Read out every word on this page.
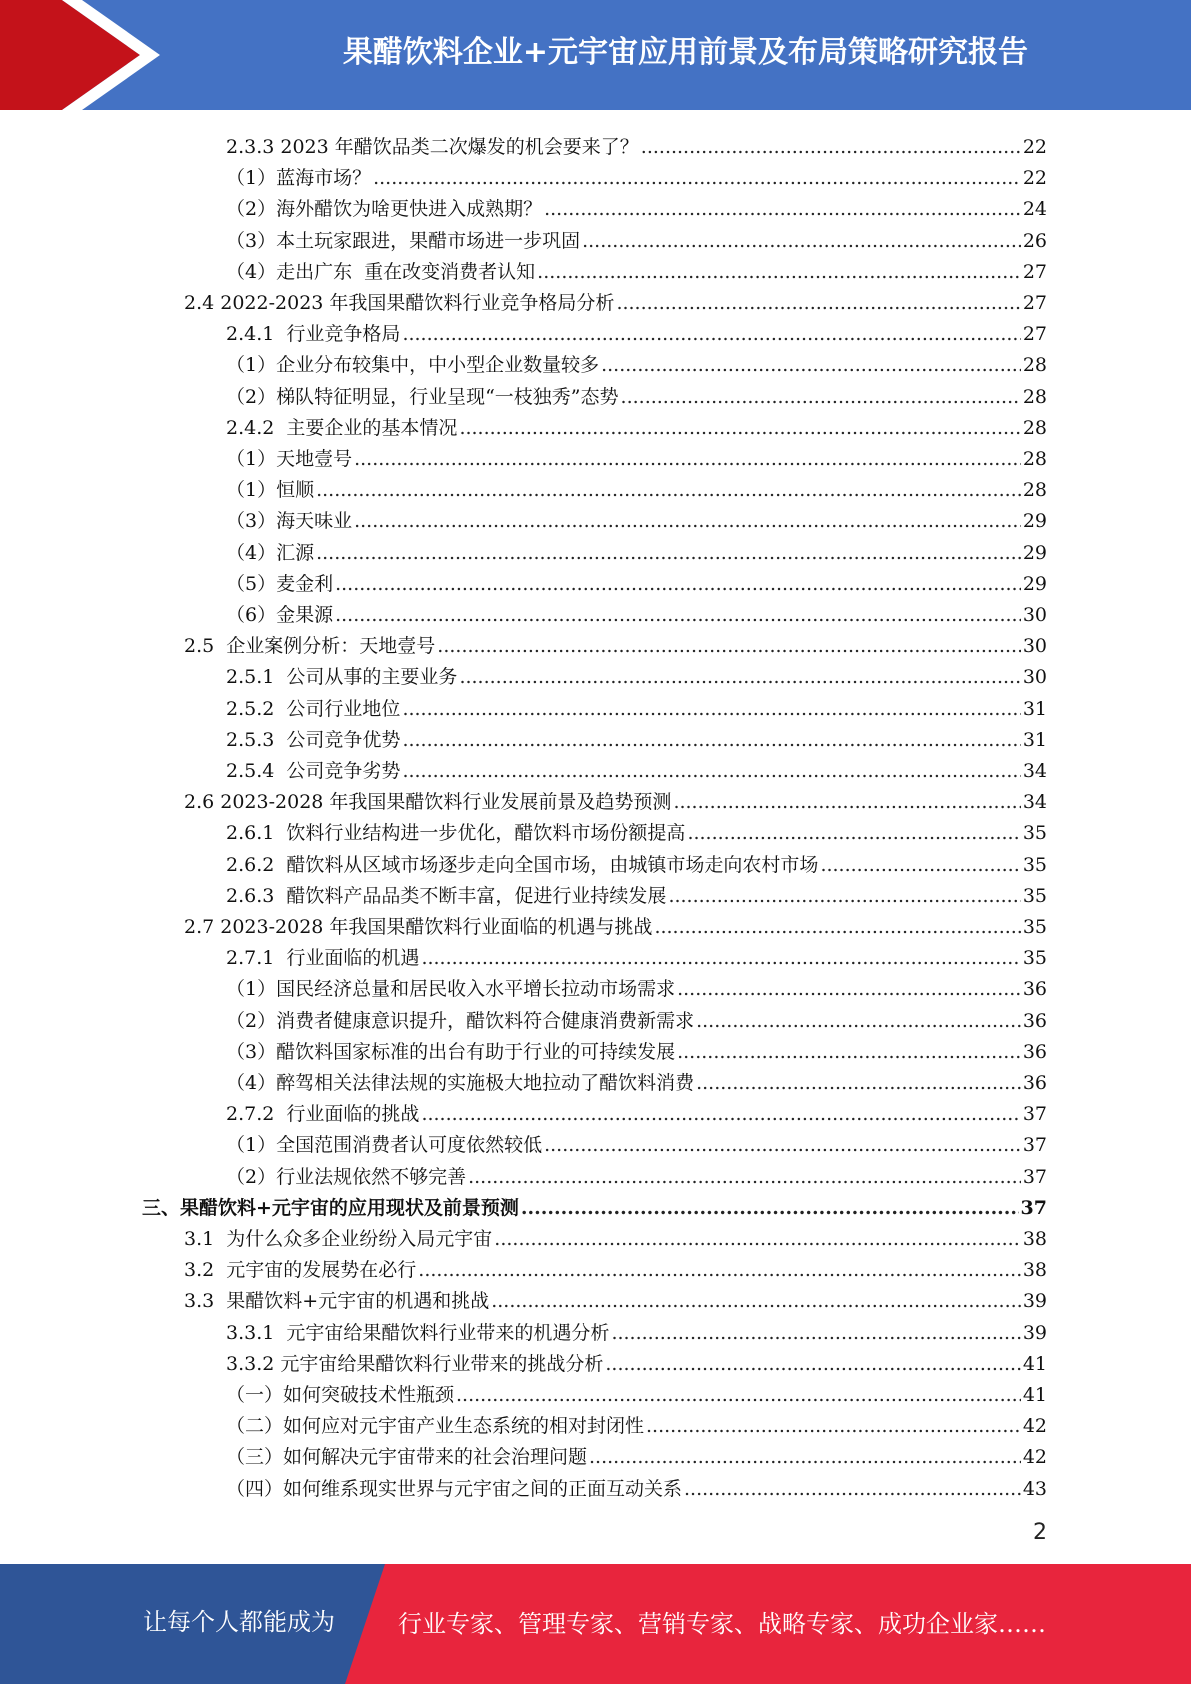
果醋饮料企业+元宇宙应用前景及布局策略研究报告
2.3.3 2023 年醋饮品类二次爆发的机会要来了？ .....	22
（1）蓝海市场？ .....	22
（2）海外醋饮为啥更快进入成熟期？ .....	24
（3）本土玩家跟进，果醋市场进一步巩固 .....	26
（4）走出广东  重在改变消费者认知 .....	27
2.4 2022-2023 年我国果醋饮料行业竞争格局分析 .....	27
2.4.1  行业竞争格局 .....	27
（1）企业分布较集中，中小型企业数量较多 .....	28
（2）梯队特征明显，行业呈现“一枝独秀”态势 .....	28
2.4.2  主要企业的基本情况 .....	28
（1）天地壹号 .....	28
（1）恒顺 .....	28
（3）海天味业 .....	29
（4）汇源 .....	29
（5）麦金利 .....	29
（6）金果源 .....	30
2.5  企业案例分析：天地壹号 .....	30
2.5.1  公司从事的主要业务 .....	30
2.5.2  公司行业地位 .....	31
2.5.3  公司竞争优势 .....	31
2.5.4  公司竞争劣势 .....	34
2.6 2023-2028 年我国果醋饮料行业发展前景及趋势预测 .....	34
2.6.1  饮料行业结构进一步优化，醋饮料市场份额提高 .....	35
2.6.2  醋饮料从区域市场逐步走向全国市场，由城镇市场走向农村市场 .....	35
2.6.3  醋饮料产品品类不断丰富，促进行业持续发展 .....	35
2.7 2023-2028 年我国果醋饮料行业面临的机遇与挑战 .....	35
2.7.1  行业面临的机遇 .....	35
（1）国民经济总量和居民收入水平增长拉动市场需求 .....	36
（2）消费者健康意识提升，醋饮料符合健康消费新需求 .....	36
（3）醋饮料国家标准的出台有助于行业的可持续发展 .....	36
（4）醉驾相关法律法规的实施极大地拉动了醋饮料消费 .....	36
2.7.2  行业面临的挑战 .....	37
（1）全国范围消费者认可度依然较低 .....	37
（2）行业法规依然不够完善 .....	37
三、果醋饮料+元宇宙的应用现状及前景预测 .....	37
3.1  为什么众多企业纷纷入局元宇宙 .....	38
3.2  元宇宙的发展势在必行 .....	38
3.3  果醋饮料+元宇宙的机遇和挑战 .....	39
3.3.1  元宇宙给果醋饮料行业带来的机遇分析 .....	39
3.3.2 元宇宙给果醋饮料行业带来的挑战分析 .....	41
（一）如何突破技术性瓶颈 .....	41
（二）如何应对元宇宙产业生态系统的相对封闭性 .....	42
（三）如何解决元宇宙带来的社会治理问题 .....	42
（四）如何维系现实世界与元宇宙之间的正面互动关系 .....	43
2
让每个人都能成为	行业专家、管理专家、营销专家、战略专家、成功企业家……
